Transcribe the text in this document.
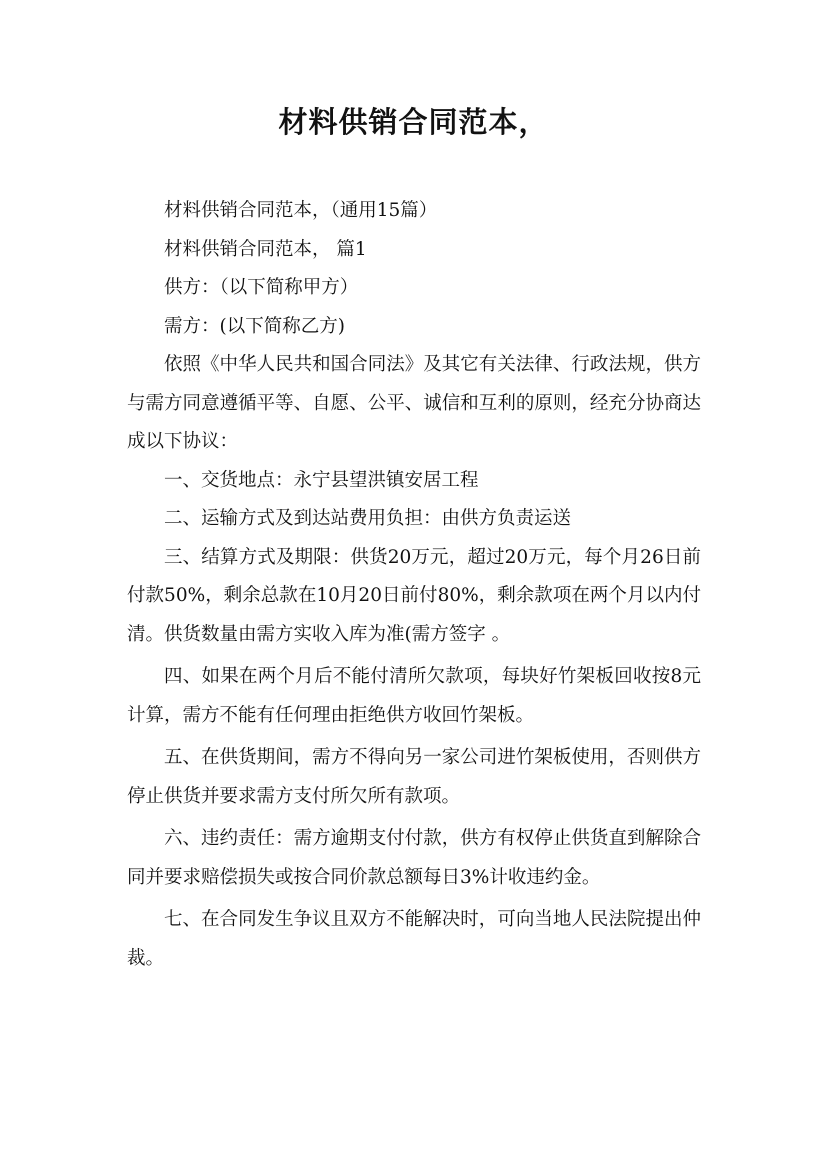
材料供销合同范本，

材料供销合同范本，（通用15篇）

材料供销合同范本， 篇1

供方：（以下简称甲方）

需方：(以下简称乙方)

依照《中华人民共和国合同法》及其它有关法律、行政法规，供方与需方同意遵循平等、自愿、公平、诚信和互利的原则，经充分协商达成以下协议：

一、交货地点：永宁县望洪镇安居工程

二、运输方式及到达站费用负担：由供方负责运送

三、结算方式及期限：供货20万元，超过20万元，每个月26日前付款50%，剩余总款在10月20日前付80%，剩余款项在两个月以内付清。供货数量由需方实收入库为准(需方签字 。

四、如果在两个月后不能付清所欠款项，每块好竹架板回收按8元计算，需方不能有任何理由拒绝供方收回竹架板。

五、在供货期间，需方不得向另一家公司进竹架板使用，否则供方停止供货并要求需方支付所欠所有款项。

六、违约责任：需方逾期支付付款，供方有权停止供货直到解除合同并要求赔偿损失或按合同价款总额每日3%计收违约金。

七、在合同发生争议且双方不能解决时，可向当地人民法院提出仲裁。
